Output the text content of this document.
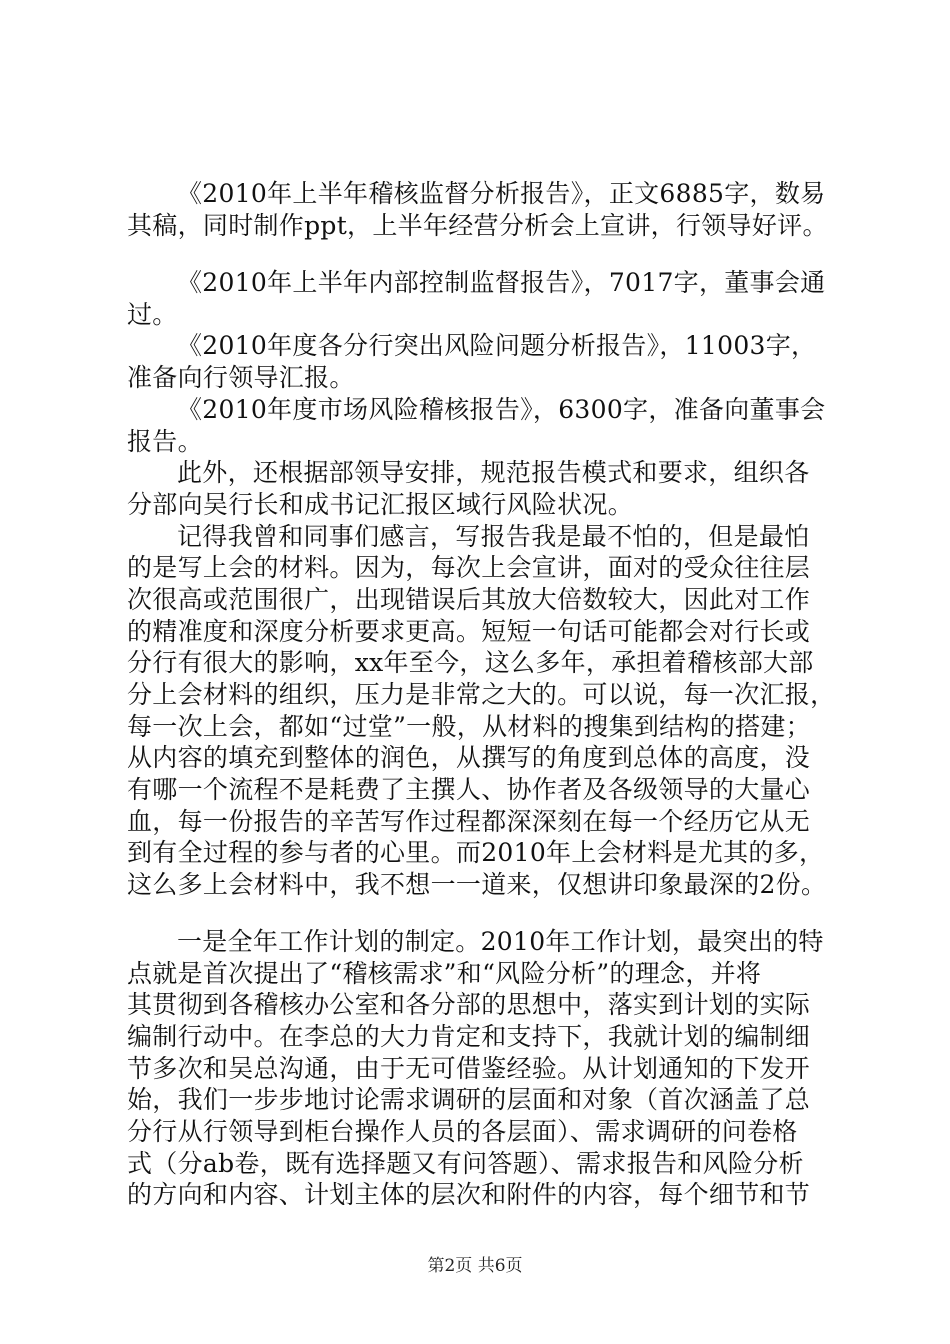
《2010年上半年稽核监督分析报告》，正文6885字，数易
其稿，同时制作ppt，上半年经营分析会上宣讲，行领导好评。
《2010年上半年内部控制监督报告》，7017字，董事会通
过。
《2010年度各分行突出风险问题分析报告》，11003字，
准备向行领导汇报。
《2010年度市场风险稽核报告》，6300字，准备向董事会
报告。
此外，还根据部领导安排，规范报告模式和要求，组织各
分部向吴行长和成书记汇报区域行风险状况。
记得我曾和同事们感言，写报告我是最不怕的，但是最怕
的是写上会的材料。因为，每次上会宣讲，面对的受众往往层
次很高或范围很广，出现错误后其放大倍数较大，因此对工作
的精准度和深度分析要求更高。短短一句话可能都会对行长或
分行有很大的影响，xx年至今，这么多年，承担着稽核部大部
分上会材料的组织，压力是非常之大的。可以说，每一次汇报，
每一次上会，都如“过堂”一般，从材料的搜集到结构的搭建；
从内容的填充到整体的润色，从撰写的角度到总体的高度，没
有哪一个流程不是耗费了主撰人、协作者及各级领导的大量心
血，每一份报告的辛苦写作过程都深深刻在每一个经历它从无
到有全过程的参与者的心里。而2010年上会材料是尤其的多，
这么多上会材料中，我不想一一道来，仅想讲印象最深的2份。
一是全年工作计划的制定。2010年工作计划，最突出的特
点就是首次提出了“稽核需求”和“风险分析”的理念，并将
其贯彻到各稽核办公室和各分部的思想中，落实到计划的实际
编制行动中。在李总的大力肯定和支持下，我就计划的编制细
节多次和吴总沟通，由于无可借鉴经验。从计划通知的下发开
始，我们一步步地讨论需求调研的层面和对象（首次涵盖了总
分行从行领导到柜台操作人员的各层面）、需求调研的问卷格
式（分ab卷，既有选择题又有问答题）、需求报告和风险分析
的方向和内容、计划主体的层次和附件的内容，每个细节和节
第2页 共6页
